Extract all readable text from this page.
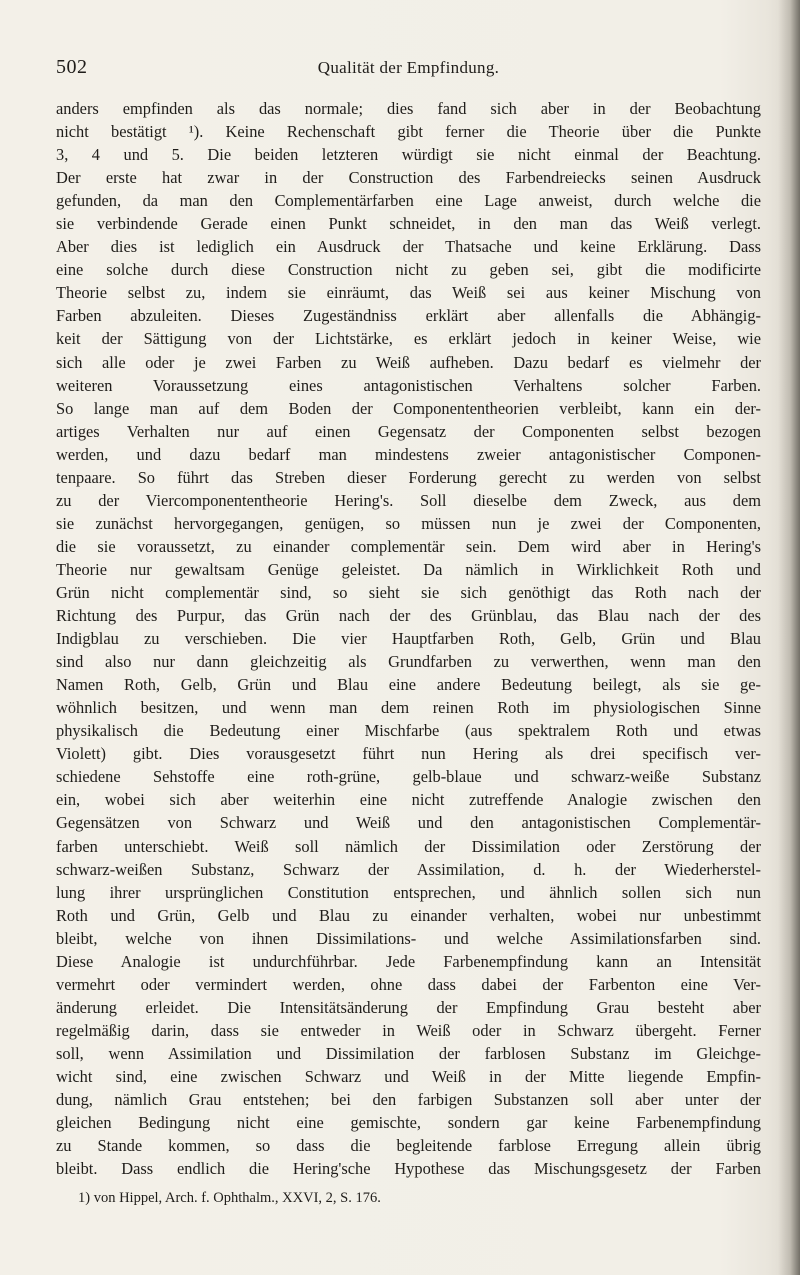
502	Qualität der Empfindung.
anders empfinden als das normale; dies fand sich aber in der Beobachtung
nicht bestätigt ¹). Keine Rechenschaft gibt ferner die Theorie über die Punkte
3, 4 und 5. Die beiden letzteren würdigt sie nicht einmal der Beachtung.
Der erste hat zwar in der Construction des Farbendreiecks seinen Ausdruck
gefunden, da man den Complementärfarben eine Lage anweist, durch welche die
sie verbindende Gerade einen Punkt schneidet, in den man das Weiß verlegt.
Aber dies ist lediglich ein Ausdruck der Thatsache und keine Erklärung. Dass
eine solche durch diese Construction nicht zu geben sei, gibt die modificirte
Theorie selbst zu, indem sie einräumt, das Weiß sei aus keiner Mischung von
Farben abzuleiten. Dieses Zugeständniss erklärt aber allenfalls die Abhängig-
keit der Sättigung von der Lichtstärke, es erklärt jedoch in keiner Weise, wie
sich alle oder je zwei Farben zu Weiß aufheben. Dazu bedarf es vielmehr der
weiteren Voraussetzung eines antagonistischen Verhaltens solcher Farben.
So lange man auf dem Boden der Componententheorien verbleibt, kann ein der-
artiges Verhalten nur auf einen Gegensatz der Componenten selbst bezogen
werden, und dazu bedarf man mindestens zweier antagonistischer Componen-
tenpaare. So führt das Streben dieser Forderung gerecht zu werden von selbst
zu der Viercomponententheorie Hering's. Soll dieselbe dem Zweck, aus dem
sie zunächst hervorgegangen, genügen, so müssen nun je zwei der Componenten,
die sie voraussetzt, zu einander complementär sein. Dem wird aber in Hering's
Theorie nur gewaltsam Genüge geleistet. Da nämlich in Wirklichkeit Roth und
Grün nicht complementär sind, so sieht sie sich genöthigt das Roth nach der
Richtung des Purpur, das Grün nach der des Grünblau, das Blau nach der des
Indigblau zu verschieben. Die vier Hauptfarben Roth, Gelb, Grün und Blau
sind also nur dann gleichzeitig als Grundfarben zu verwerthen, wenn man den
Namen Roth, Gelb, Grün und Blau eine andere Bedeutung beilegt, als sie ge-
wöhnlich besitzen, und wenn man dem reinen Roth im physiologischen Sinne
physikalisch die Bedeutung einer Mischfarbe (aus spektralem Roth und etwas
Violett) gibt. Dies vorausgesetzt führt nun Hering als drei specifisch ver-
schiedene Sehstoffe eine roth-grüne, gelb-blaue und schwarz-weiße Substanz
ein, wobei sich aber weiterhin eine nicht zutreffende Analogie zwischen den
Gegensätzen von Schwarz und Weiß und den antagonistischen Complementär-
farben unterschiebt. Weiß soll nämlich der Dissimilation oder Zerstörung der
schwarz-weißen Substanz, Schwarz der Assimilation, d. h. der Wiederherstel-
lung ihrer ursprünglichen Constitution entsprechen, und ähnlich sollen sich nun
Roth und Grün, Gelb und Blau zu einander verhalten, wobei nur unbestimmt
bleibt, welche von ihnen Dissimilations- und welche Assimilationsfarben sind.
Diese Analogie ist undurchführbar. Jede Farbenempfindung kann an Intensität
vermehrt oder vermindert werden, ohne dass dabei der Farbenton eine Ver-
änderung erleidet. Die Intensitätsänderung der Empfindung Grau besteht aber
regelmäßig darin, dass sie entweder in Weiß oder in Schwarz übergeht. Ferner
soll, wenn Assimilation und Dissimilation der farblosen Substanz im Gleichge-
wicht sind, eine zwischen Schwarz und Weiß in der Mitte liegende Empfin-
dung, nämlich Grau entstehen; bei den farbigen Substanzen soll aber unter der
gleichen Bedingung nicht eine gemischte, sondern gar keine Farbenempfindung
zu Stande kommen, so dass die begleitende farblose Erregung allein übrig
bleibt. Dass endlich die Hering'sche Hypothese das Mischungsgesetz der Farben
1) von Hippel, Arch. f. Ophthalm., XXVI, 2, S. 176.
